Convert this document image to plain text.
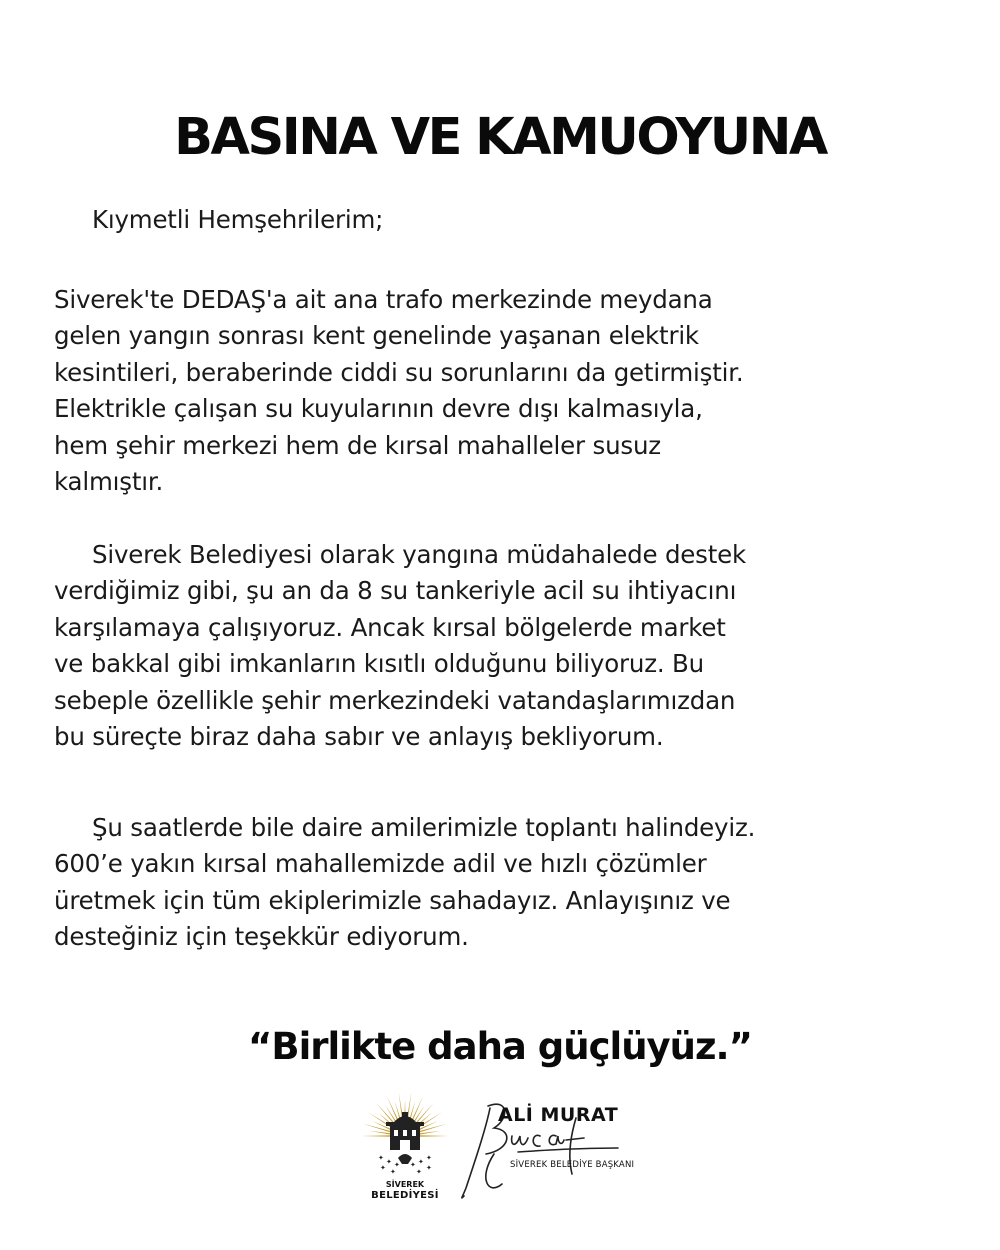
BASINA VE KAMUOYUNA
Kıymetli Hemşehrilerim;
Siverek'te DEDAŞ'a ait ana trafo merkezinde meydana
gelen yangın sonrası kent genelinde yaşanan elektrik
kesintileri, beraberinde ciddi su sorunlarını da getirmiştir.
Elektrikle çalışan su kuyularının devre dışı kalmasıyla,
hem şehir merkezi hem de kırsal mahalleler susuz
kalmıştır.
Siverek Belediyesi olarak yangına müdahalede destek
verdiğimiz gibi, şu an da 8 su tankeriyle acil su ihtiyacını
karşılamaya çalışıyoruz. Ancak kırsal bölgelerde market
ve bakkal gibi imkanların kısıtlı olduğunu biliyoruz. Bu
sebeple özellikle şehir merkezindeki vatandaşlarımızdan
bu süreçte biraz daha sabır ve anlayış bekliyorum.
Şu saatlerde bile daire amilerimizle toplantı halindeyiz.
600’e yakın kırsal mahallemizde adil ve hızlı çözümler
üretmek için tüm ekiplerimizle sahadayız. Anlayışınız ve
desteğiniz için teşekkür ediyorum.
“Birlikte daha güçlüyüz.”
✦ ✦ ✦ ✦ ✦ ✦
✦ ✦	✦ ✦
SİVEREK
BELEDİYESİ
ALİ MURAT
SİVEREK BELEDİYE BAŞKANI
